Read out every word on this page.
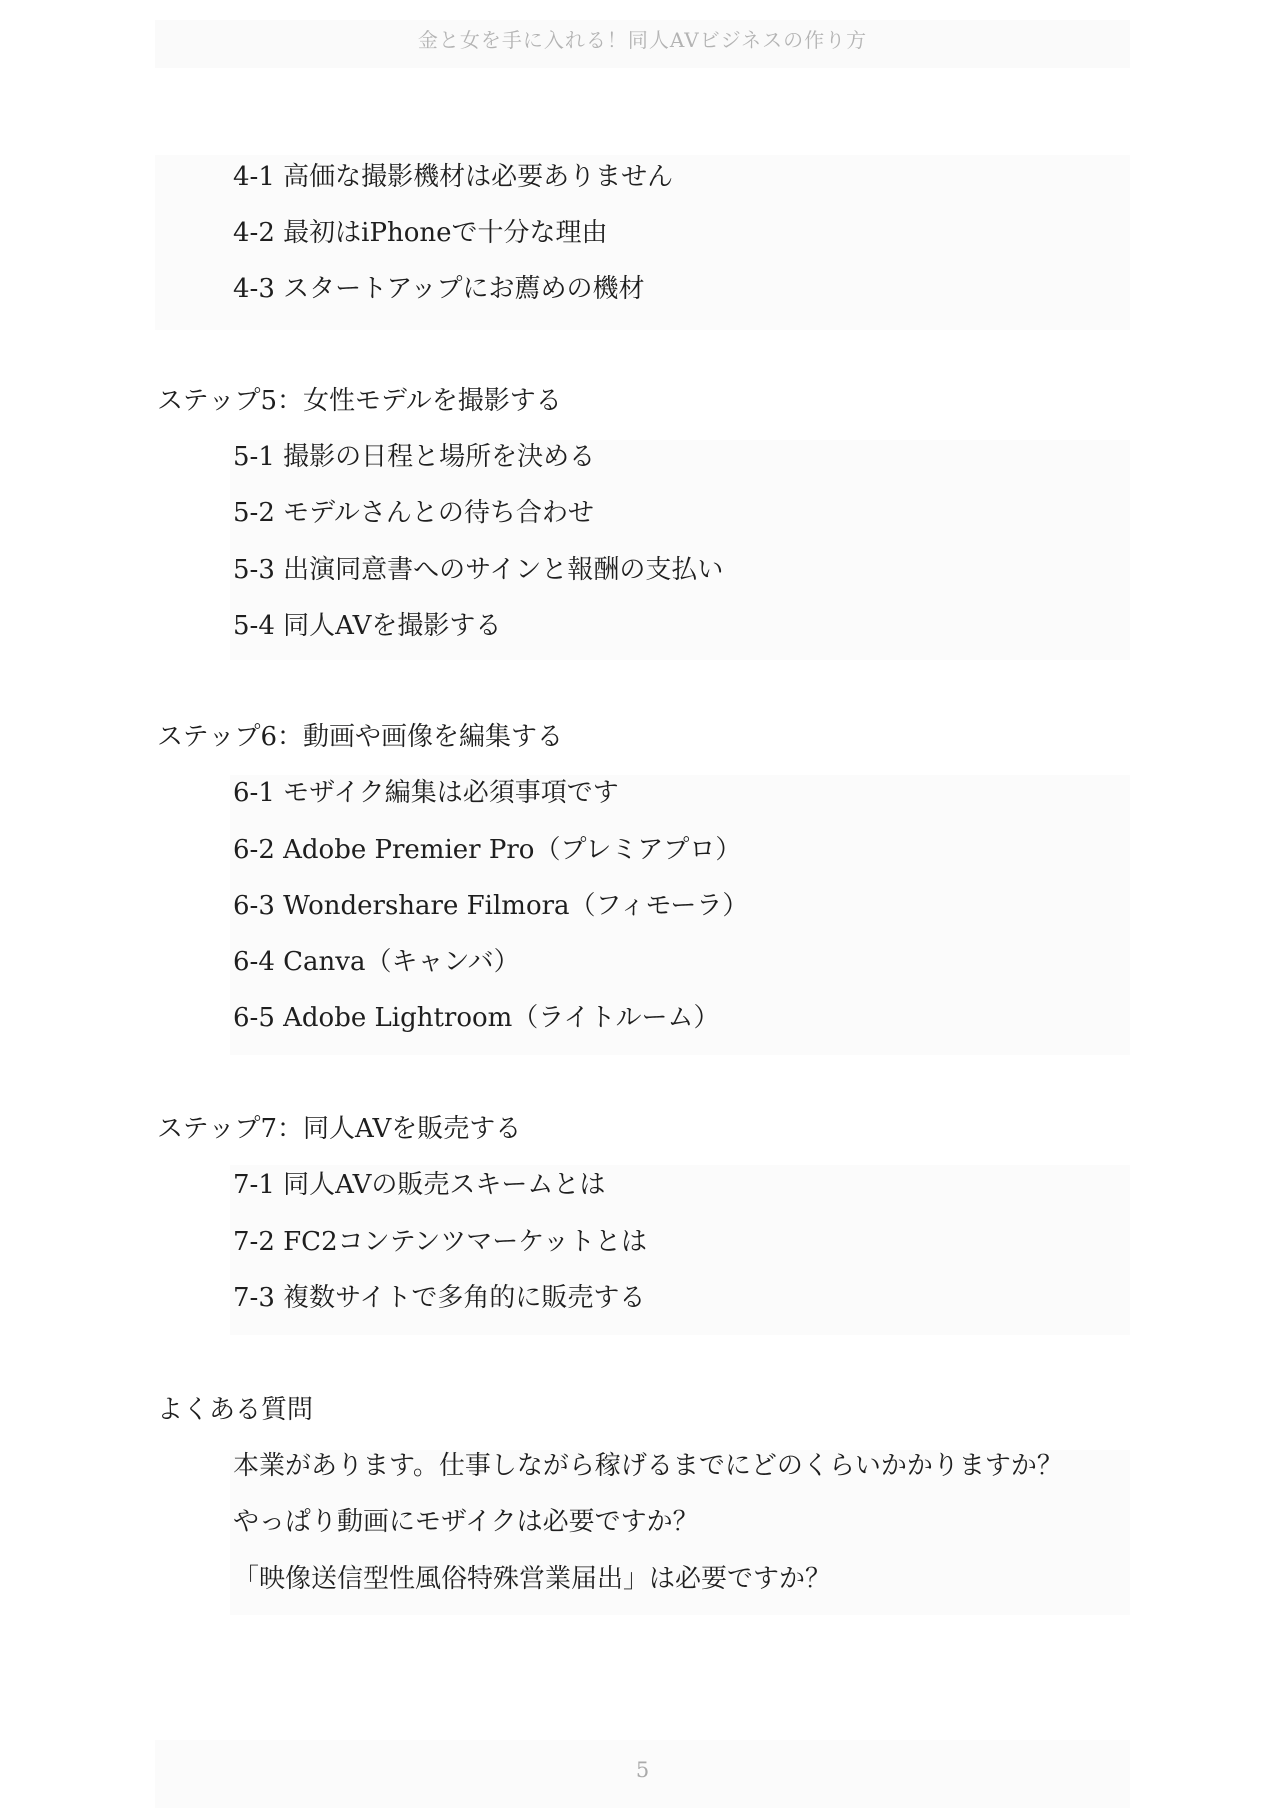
金と女を手に入れる！同人AVビジネスの作り方
4-1 高価な撮影機材は必要ありません
4-2 最初はiPhoneで十分な理由
4-3 スタートアップにお薦めの機材
ステップ5：女性モデルを撮影する
5-1 撮影の日程と場所を決める
5-2 モデルさんとの待ち合わせ
5-3 出演同意書へのサインと報酬の支払い
5-4 同人AVを撮影する
ステップ6：動画や画像を編集する
6-1 モザイク編集は必須事項です
6-2 Adobe Premier Pro（プレミアプロ）
6-3 Wondershare Filmora（フィモーラ）
6-4 Canva（キャンバ）
6-5 Adobe Lightroom（ライトルーム）
ステップ7：同人AVを販売する
7-1 同人AVの販売スキームとは
7-2 FC2コンテンツマーケットとは
7-3 複数サイトで多角的に販売する
よくある質問
本業があります。仕事しながら稼げるまでにどのくらいかかりますか？
やっぱり動画にモザイクは必要ですか？
「映像送信型性風俗特殊営業届出」は必要ですか？
5
